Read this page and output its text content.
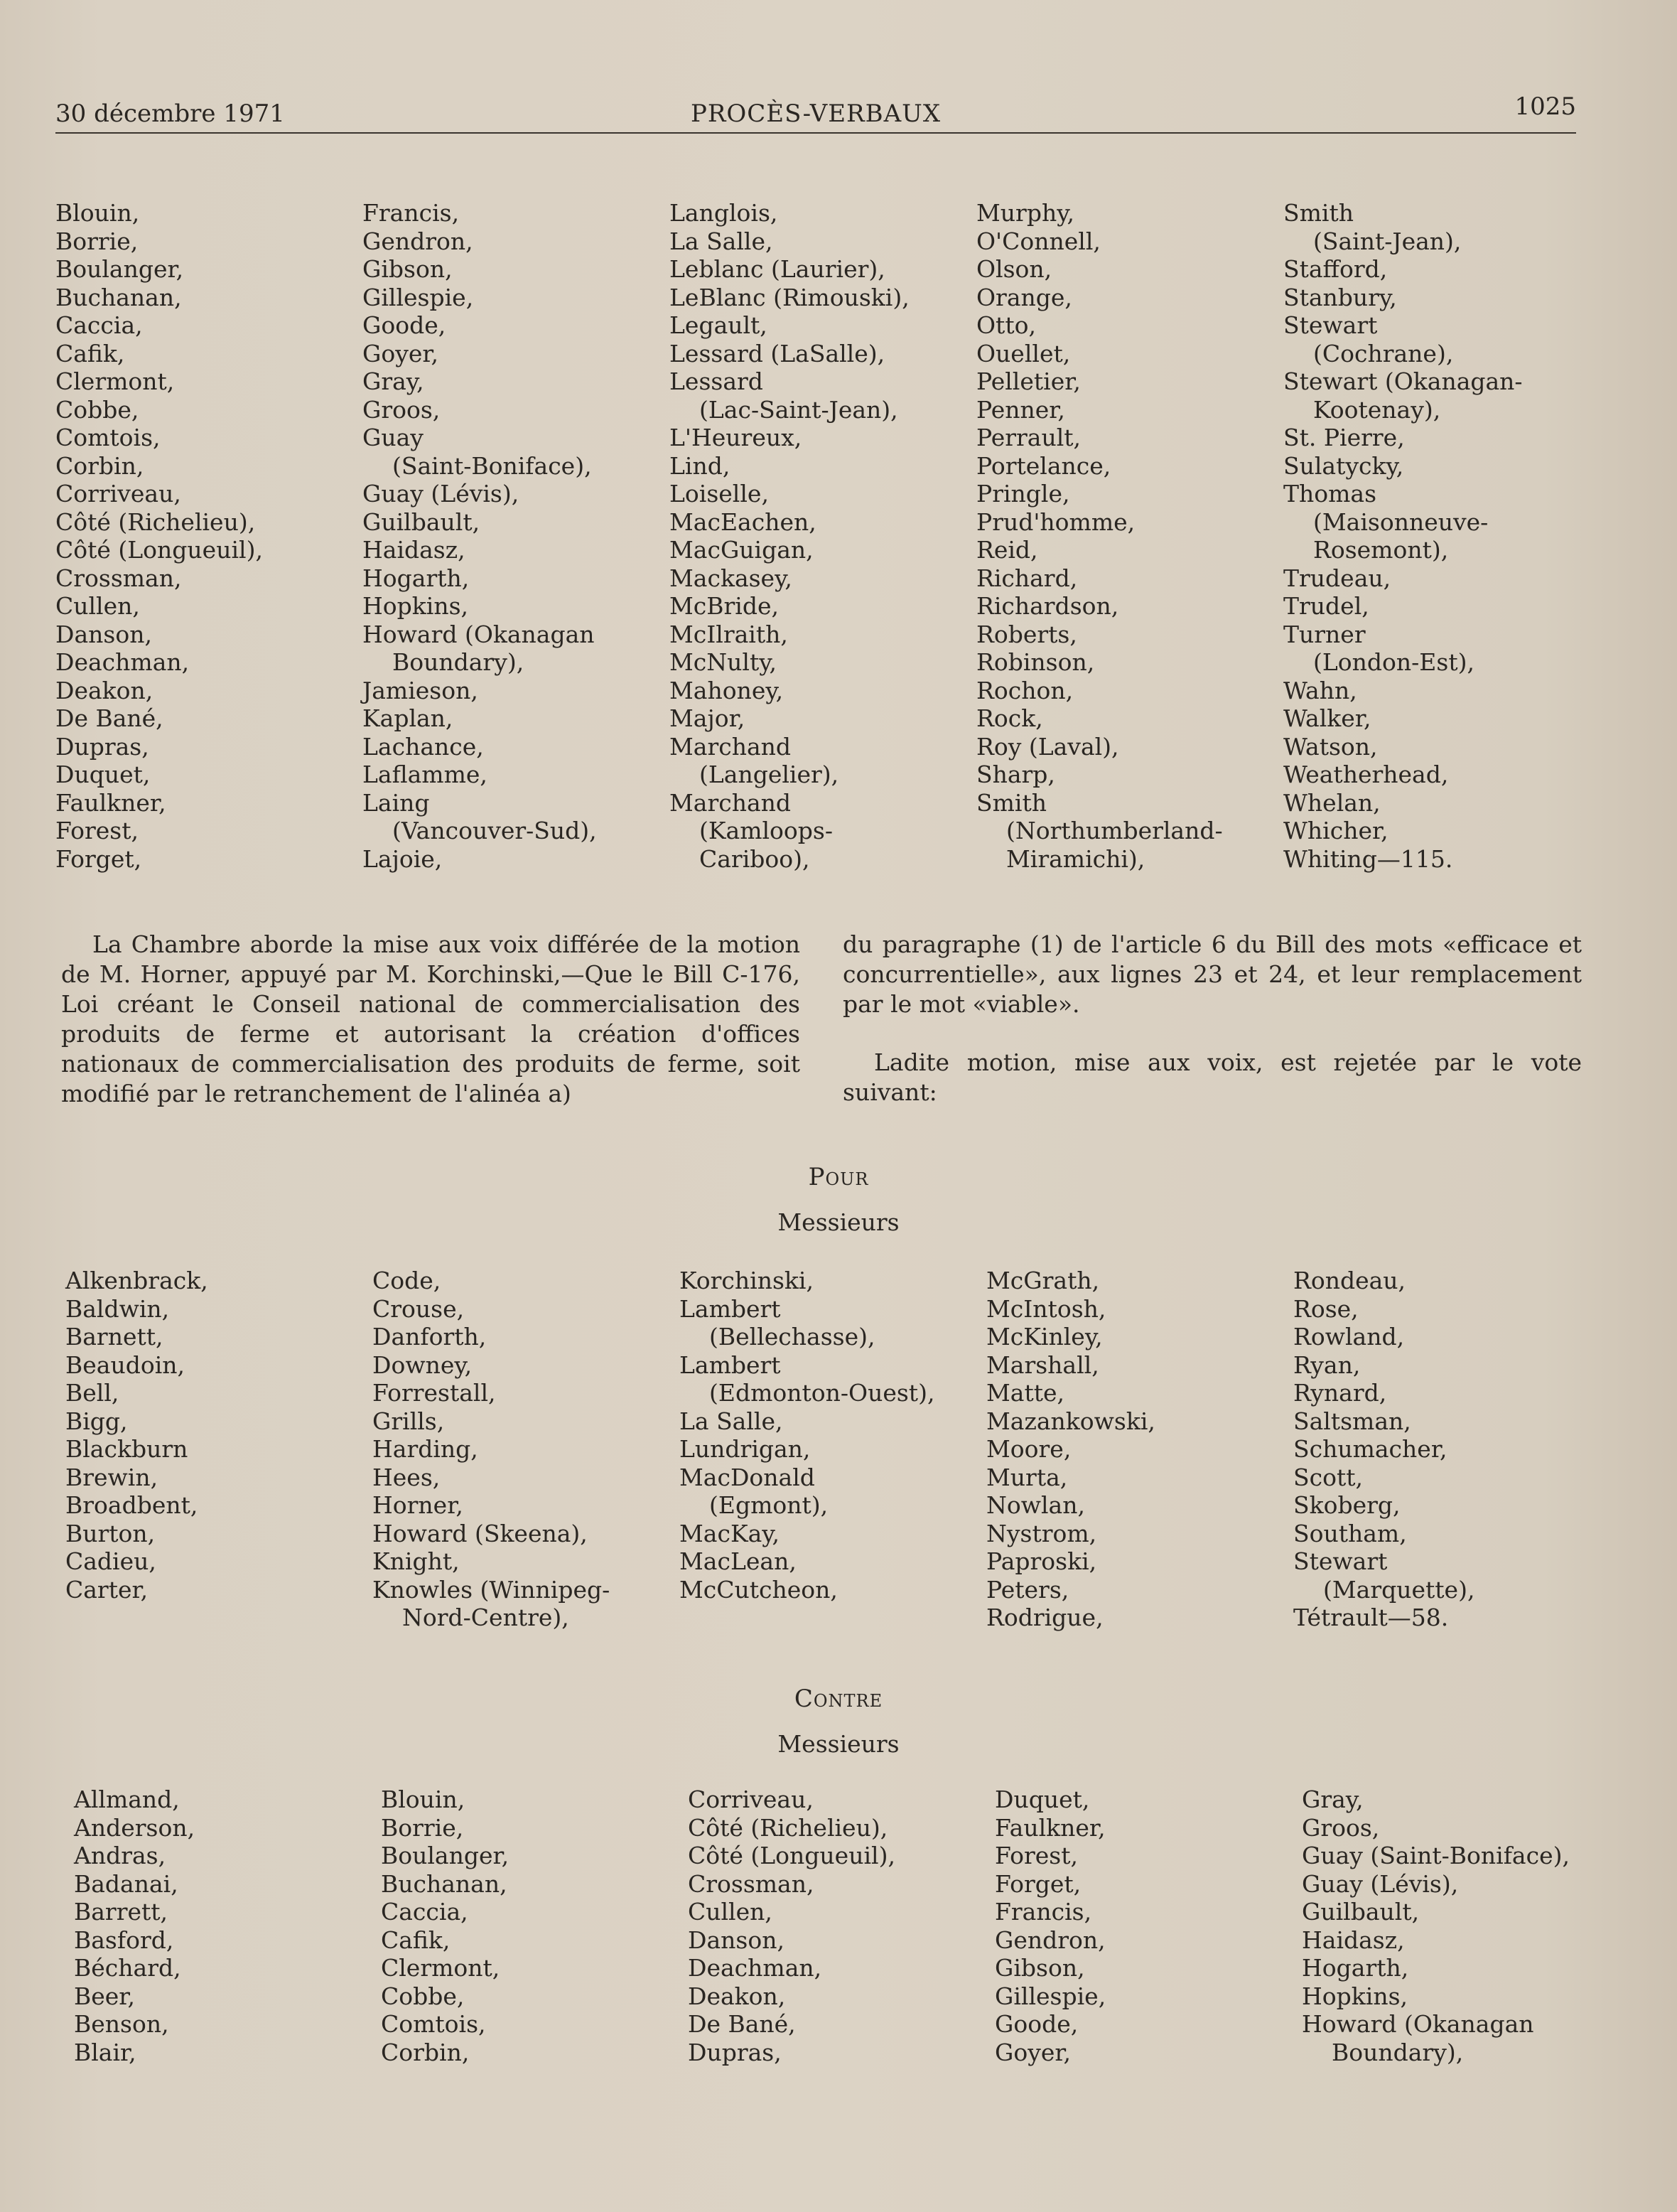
30 décembre 1971	PROCÈS-VERBAUX	1025
Blouin,
Borrie,
Boulanger,
Buchanan,
Caccia,
Cafik,
Clermont,
Cobbe,
Comtois,
Corbin,
Corriveau,
Côté (Richelieu),
Côté (Longueuil),
Crossman,
Cullen,
Danson,
Deachman,
Deakon,
De Bané,
Dupras,
Duquet,
Faulkner,
Forest,
Forget,
Francis,
Gendron,
Gibson,
Gillespie,
Goode,
Goyer,
Gray,
Groos,
Guay
(Saint-Boniface),
Guay (Lévis),
Guilbault,
Haidasz,
Hogarth,
Hopkins,
Howard (Okanagan
Boundary),
Jamieson,
Kaplan,
Lachance,
Laflamme,
Laing
(Vancouver-Sud),
Lajoie,
Langlois,
La Salle,
Leblanc (Laurier),
LeBlanc (Rimouski),
Legault,
Lessard (LaSalle),
Lessard
(Lac-Saint-Jean),
L'Heureux,
Lind,
Loiselle,
MacEachen,
MacGuigan,
Mackasey,
McBride,
McIlraith,
McNulty,
Mahoney,
Major,
Marchand
(Langelier),
Marchand
(Kamloops-
Cariboo),
Murphy,
O'Connell,
Olson,
Orange,
Otto,
Ouellet,
Pelletier,
Penner,
Perrault,
Portelance,
Pringle,
Prud'homme,
Reid,
Richard,
Richardson,
Roberts,
Robinson,
Rochon,
Rock,
Roy (Laval),
Sharp,
Smith
(Northumberland-
Miramichi),
Smith
(Saint-Jean),
Stafford,
Stanbury,
Stewart
(Cochrane),
Stewart (Okanagan-
Kootenay),
St. Pierre,
Sulatycky,
Thomas
(Maisonneuve-
Rosemont),
Trudeau,
Trudel,
Turner
(London-Est),
Wahn,
Walker,
Watson,
Weatherhead,
Whelan,
Whicher,
Whiting—115.

La Chambre aborde la mise aux voix différée de la motion de M. Horner, appuyé par M. Korchinski,—Que le Bill C-176, Loi créant le Conseil national de commercialisation des produits de ferme et autorisant la création d'offices nationaux de commercialisation des produits de ferme, soit modifié par le retranchement de l'alinéa a)

du paragraphe (1) de l'article 6 du Bill des mots «efficace et concurrentielle», aux lignes 23 et 24, et leur remplacement par le mot «viable».

Ladite motion, mise aux voix, est rejetée par le vote suivant:

Pour
Messieurs
Alkenbrack,
Baldwin,
Barnett,
Beaudoin,
Bell,
Bigg,
Blackburn
Brewin,
Broadbent,
Burton,
Cadieu,
Carter,
Code,
Crouse,
Danforth,
Downey,
Forrestall,
Grills,
Harding,
Hees,
Horner,
Howard (Skeena),
Knight,
Knowles (Winnipeg-
Nord-Centre),
Korchinski,
Lambert
(Bellechasse),
Lambert
(Edmonton-Ouest),
La Salle,
Lundrigan,
MacDonald
(Egmont),
MacKay,
MacLean,
McCutcheon,
McGrath,
McIntosh,
McKinley,
Marshall,
Matte,
Mazankowski,
Moore,
Murta,
Nowlan,
Nystrom,
Paproski,
Peters,
Rodrigue,
Rondeau,
Rose,
Rowland,
Ryan,
Rynard,
Saltsman,
Schumacher,
Scott,
Skoberg,
Southam,
Stewart
(Marquette),
Tétrault—58.
Contre
Messieurs
Allmand,
Anderson,
Andras,
Badanai,
Barrett,
Basford,
Béchard,
Beer,
Benson,
Blair,
Blouin,
Borrie,
Boulanger,
Buchanan,
Caccia,
Cafik,
Clermont,
Cobbe,
Comtois,
Corbin,
Corriveau,
Côté (Richelieu),
Côté (Longueuil),
Crossman,
Cullen,
Danson,
Deachman,
Deakon,
De Bané,
Dupras,
Duquet,
Faulkner,
Forest,
Forget,
Francis,
Gendron,
Gibson,
Gillespie,
Goode,
Goyer,
Gray,
Groos,
Guay (Saint-Boniface),
Guay (Lévis),
Guilbault,
Haidasz,
Hogarth,
Hopkins,
Howard (Okanagan
Boundary),
